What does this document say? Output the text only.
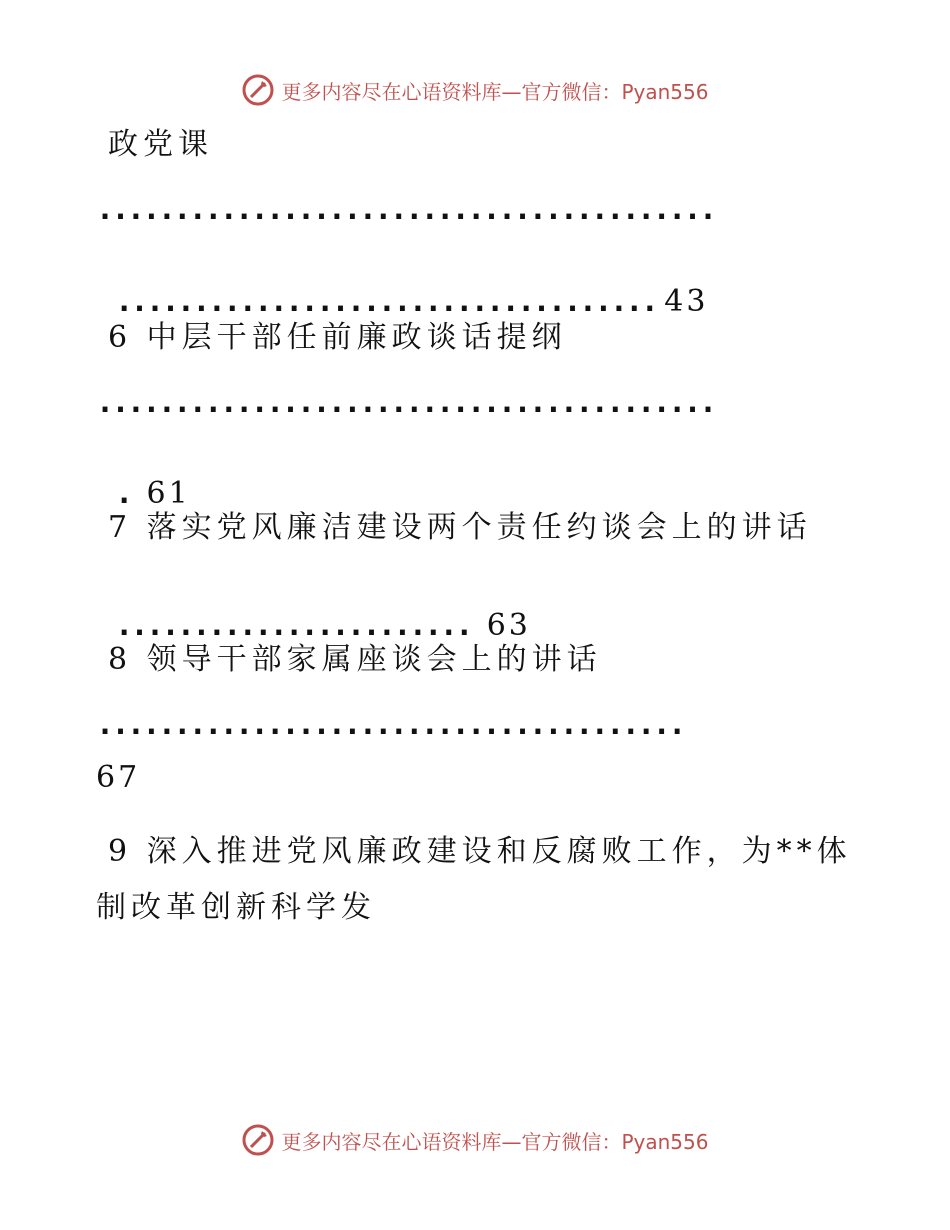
更多内容尽在心语资料库—官方微信：Pyan556
政党课
........................................

................................... 43

6 中层干部任前廉政谈话提纲
........................................

. 61

7 落实党风廉洁建设两个责任约谈会上的讲话

....................... 63

8 领导干部家属座谈会上的讲话
......................................
67
9 深入推进党风廉政建设和反腐败工作，为**体
制改革创新科学发
更多内容尽在心语资料库—官方微信：Pyan556
